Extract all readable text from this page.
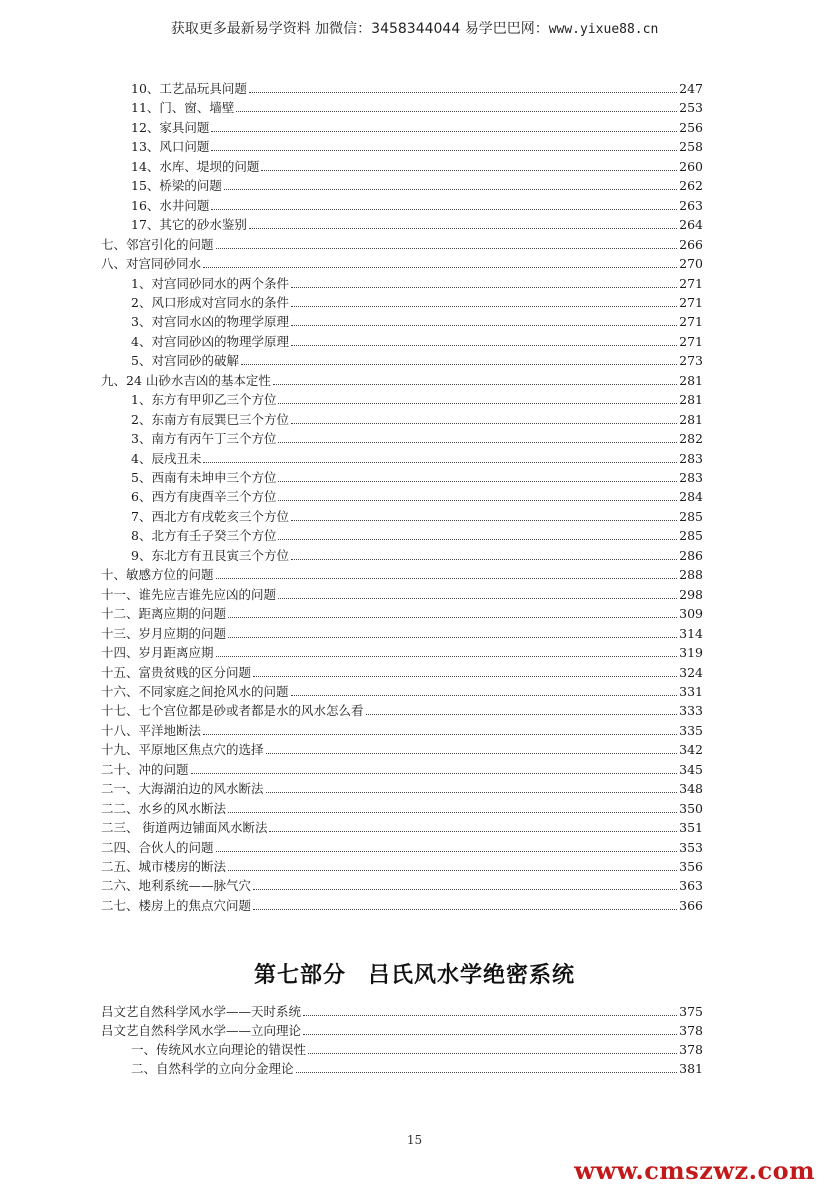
获取更多最新易学资料 加微信：3458344044 易学巴巴网：www.yixue88.cn
10、工艺品玩具问题	247
11、门、窗、墙壁	253
12、家具问题	256
13、风口问题	258
14、水库、堤坝的问题	260
15、桥梁的问题	262
16、水井问题	263
17、其它的砂水鉴别	264
七、邻宫引化的问题	266
八、对宫同砂同水	270
1、对宫同砂同水的两个条件	271
2、风口形成对宫同水的条件	271
3、对宫同水凶的物理学原理	271
4、对宫同砂凶的物理学原理	271
5、对宫同砂的破解	273
九、24 山砂水吉凶的基本定性	281
1、东方有甲卯乙三个方位	281
2、东南方有辰巽巳三个方位	281
3、南方有丙午丁三个方位	282
4、辰戌丑未	283
5、西南有未坤申三个方位	283
6、西方有庚酉辛三个方位	284
7、西北方有戌乾亥三个方位	285
8、北方有壬子癸三个方位	285
9、东北方有丑艮寅三个方位	286
十、敏感方位的问题	288
十一、谁先应吉谁先应凶的问题	298
十二、距离应期的问题	309
十三、岁月应期的问题	314
十四、岁月距离应期	319
十五、富贵贫贱的区分问题	324
十六、不同家庭之间抢风水的问题	331
十七、七个宫位都是砂或者都是水的风水怎么看	333
十八、平洋地断法	335
十九、平原地区焦点穴的选择	342
二十、冲的问题	345
二一、大海湖泊边的风水断法	348
二二、水乡的风水断法	350
二三、 街道两边铺面风水断法	351
二四、合伙人的问题	353
二五、城市楼房的断法	356
二六、地利系统——脉气穴	363
二七、楼房上的焦点穴问题	366
第七部分 吕氏风水学绝密系统
吕文艺自然科学风水学——天时系统	375
吕文艺自然科学风水学——立向理论	378
一、传统风水立向理论的错误性	378
二、自然科学的立向分金理论	381
15
www.cmszwz.com
